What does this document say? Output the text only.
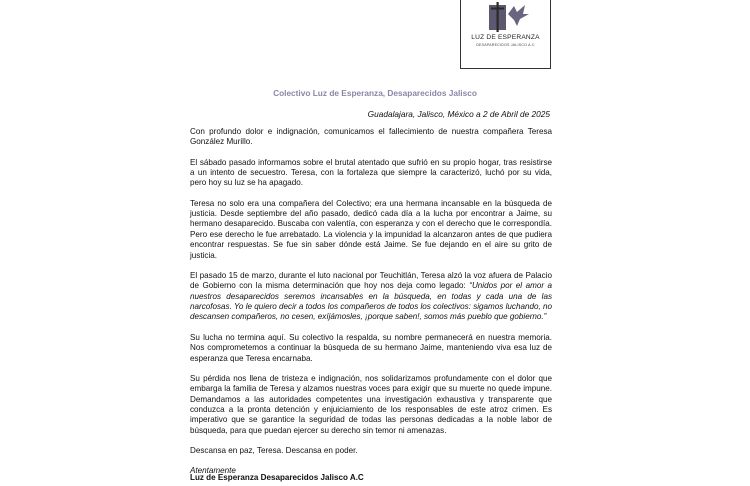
LUZ DE ESPERANZA
DESAPARECIDOS JALISCO A.C
Colectivo Luz de Esperanza, Desaparecidos Jalisco
Guadalajara, Jalisco, México a 2 de Abril de 2025

Con profundo dolor e indignación, comunicamos el fallecimiento de nuestra compañera Teresa González Murillo.

El sábado pasado informamos sobre el brutal atentado que sufrió en su propio hogar, tras resistirse a un intento de secuestro. Teresa, con la fortaleza que siempre la caracterizó, luchó por su vida, pero hoy su luz se ha apagado.

Teresa no solo era una compañera del Colectivo; era una hermana incansable en la búsqueda de justicia. Desde septiembre del año pasado, dedicó cada día a la lucha por encontrar a Jaime, su hermano desaparecido. Buscaba con valentía, con esperanza y con el derecho que le correspondía. Pero ese derecho le fue arrebatado. La violencia y la impunidad la alcanzaron antes de que pudiera encontrar respuestas. Se fue sin saber dónde está Jaime. Se fue dejando en el aire su grito de justicia.

El pasado 15 de marzo, durante el luto nacional por Teuchitlán, Teresa alzó la voz afuera de Palacio de Gobierno con la misma determinación que hoy nos deja como legado: “Unidos por el amor a nuestros desaparecidos seremos incansables en la búsqueda, en todas y cada una de las narcofosas. Yo le quiero decir a todos los compañeros de todos los colectivos: sigamos luchando, no descansen compañeros, no cesen, exíjámosles, ¡porque saben!, somos más pueblo que gobierno.”

Su lucha no termina aquí. Su colectivo la respalda, su nombre permanecerá en nuestra memoria. Nos comprometemos a continuar la búsqueda de su hermano Jaime, manteniendo viva esa luz de esperanza que Teresa encarnaba.

Su pérdida nos llena de tristeza e indignación, nos solidarizamos profundamente con el dolor que embarga la familia de Teresa y alzamos nuestras voces para exigir que su muerte no quede impune. Demandamos a las autoridades competentes una investigación exhaustiva y transparente que conduzca a la pronta detención y enjuiciamiento de los responsables de este atroz crimen. Es imperativo que se garantice la seguridad de todas las personas dedicadas a la noble labor de búsqueda, para que puedan ejercer su derecho sin temor ni amenazas.

Descansa en paz, Teresa. Descansa en poder.

Atentamente

Luz de Esperanza Desaparecidos Jalisco A.C
